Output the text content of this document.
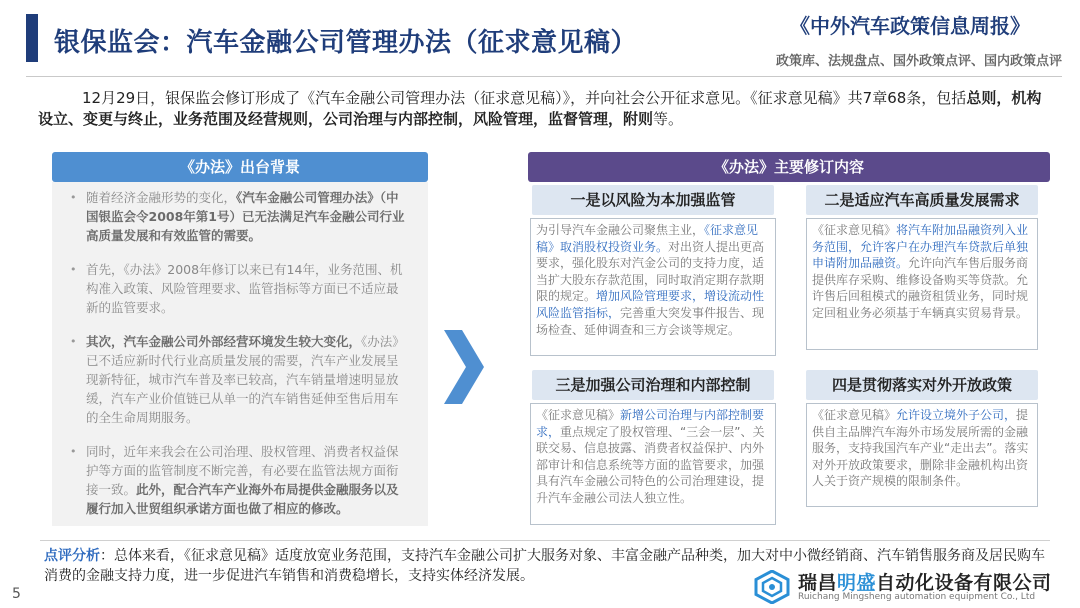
银保监会：汽车金融公司管理办法（征求意见稿）
《中外汽车政策信息周报》
政策库、法规盘点、国外政策点评、国内政策点评
12月29日，银保监会修订形成了《汽车金融公司管理办法（征求意见稿）》，并向社会公开征求意见。《征求意见稿》共7章68条，包括总则，机构设立、变更与终止，业务范围及经营规则，公司治理与内部控制，风险管理，监督管理，附则等。
《办法》出台背景
• 随着经济金融形势的变化，《汽车金融公司管理办法》（中国银监会令2008年第1号）已无法满足汽车金融公司行业高质量发展和有效监管的需要。
• 首先，《办法》2008年修订以来已有14年，业务范围、机构准入政策、风险管理要求、监管指标等方面已不适应最新的监管要求。
• 其次，汽车金融公司外部经营环境发生较大变化，《办法》已不适应新时代行业高质量发展的需要，汽车产业发展呈现新特征，城市汽车普及率已较高，汽车销量增速明显放缓，汽车产业价值链已从单一的汽车销售延伸至售后用车的全生命周期服务。
• 同时，近年来我会在公司治理、股权管理、消费者权益保护等方面的监管制度不断完善，有必要在监管法规方面衔接一致。此外，配合汽车产业海外布局提供金融服务以及履行加入世贸组织承诺方面也做了相应的修改。
《办法》主要修订内容
一是以风险为本加强监管
为引导汽车金融公司聚焦主业，《征求意见稿》取消股权投资业务。对出资人提出更高要求，强化股东对汽金公司的支持力度，适当扩大股东存款范围，同时取消定期存款期限的规定。增加风险管理要求，增设流动性风险监管指标，完善重大突发事件报告、现场检查、延伸调查和三方会谈等规定。
二是适应汽车高质量发展需求
《征求意见稿》将汽车附加品融资列入业务范围，允许客户在办理汽车贷款后单独申请附加品融资。允许向汽车售后服务商提供库存采购、维修设备购买等贷款。允许售后回租模式的融资租赁业务，同时规定回租业务必须基于车辆真实贸易背景。
三是加强公司治理和内部控制
《征求意见稿》新增公司治理与内部控制要求，重点规定了股权管理、“三会一层”、关联交易、信息披露、消费者权益保护、内外部审计和信息系统等方面的监管要求，加强具有汽车金融公司特色的公司治理建设，提升汽车金融公司法人独立性。
四是贯彻落实对外开放政策
《征求意见稿》允许设立境外子公司，提供自主品牌汽车海外市场发展所需的金融服务，支持我国汽车产业“走出去”。落实对外开放政策要求，删除非金融机构出资人关于资产规模的限制条件。
点评分析：总体来看，《征求意见稿》适度放宽业务范围，支持汽车金融公司扩大服务对象、丰富金融产品种类，加大对中小微经销商、汽车销售服务商及居民购车消费的金融支持力度，进一步促进汽车销售和消费稳增长，支持实体经济发展。
5	瑞昌明盛自动化设备有限公司
Ruichang Mingsheng automation equipment Co., Ltd
